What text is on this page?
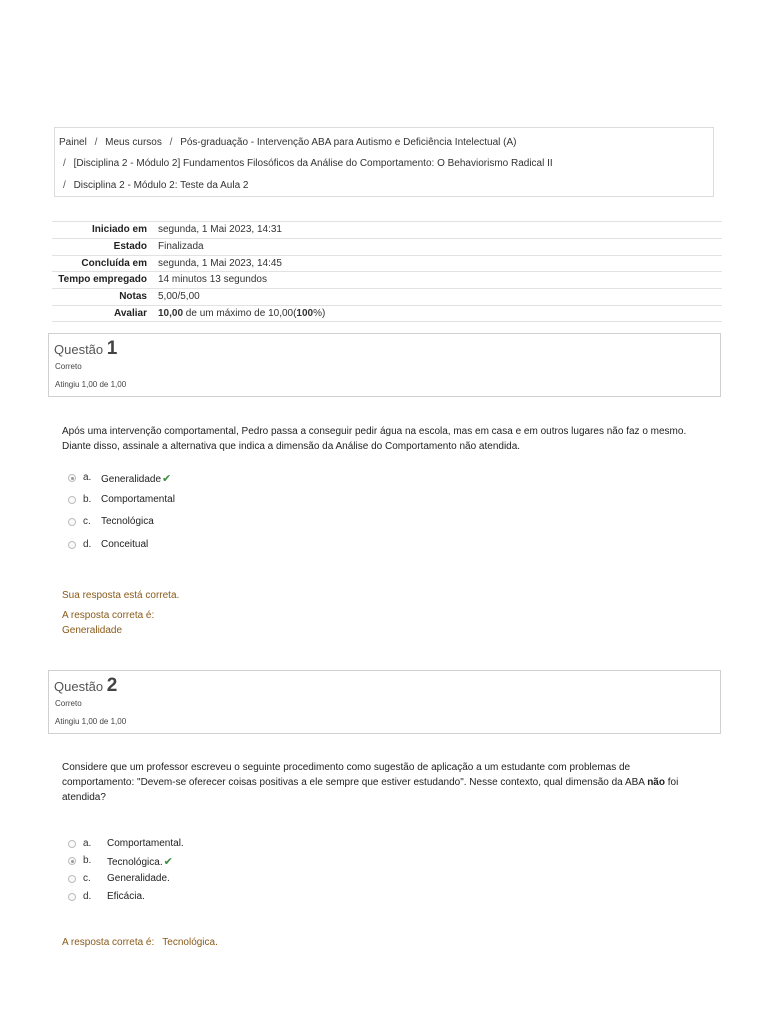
Painel / Meus cursos / Pós-graduação - Intervenção ABA para Autismo e Deficiência Intelectual (A)
/ [Disciplina 2 - Módulo 2] Fundamentos Filosóficos da Análise do Comportamento: O Behaviorismo Radical II
/ Disciplina 2 - Módulo 2: Teste da Aula 2
Iniciado em segunda, 1 Mai 2023, 14:31
Estado Finalizada
Concluída em segunda, 1 Mai 2023, 14:45
Tempo empregado 14 minutos 13 segundos
Notas 5,00/5,00
Avaliar 10,00 de um máximo de 10,00(100%)
Questão 1
Correto
Atingiu 1,00 de 1,00
Após uma intervenção comportamental, Pedro passa a conseguir pedir água na escola, mas em casa e em outros lugares não faz o mesmo.
Diante disso, assinale a alternativa que indica a dimensão da Análise do Comportamento não atendida.
a. Generalidade✔
b. Comportamental
c. Tecnológica
d. Conceitual
Sua resposta está correta.
A resposta correta é:
Generalidade
Questão 2
Correto
Atingiu 1,00 de 1,00
Considere que um professor escreveu o seguinte procedimento como sugestão de aplicação a um estudante com problemas de
comportamento: "Devem-se oferecer coisas positivas a ele sempre que estiver estudando". Nesse contexto, qual dimensão da ABA não foi
atendida?
a. Comportamental.
b. Tecnológica.✔
c. Generalidade.
d. Eficácia.
A resposta correta é: Tecnológica.
